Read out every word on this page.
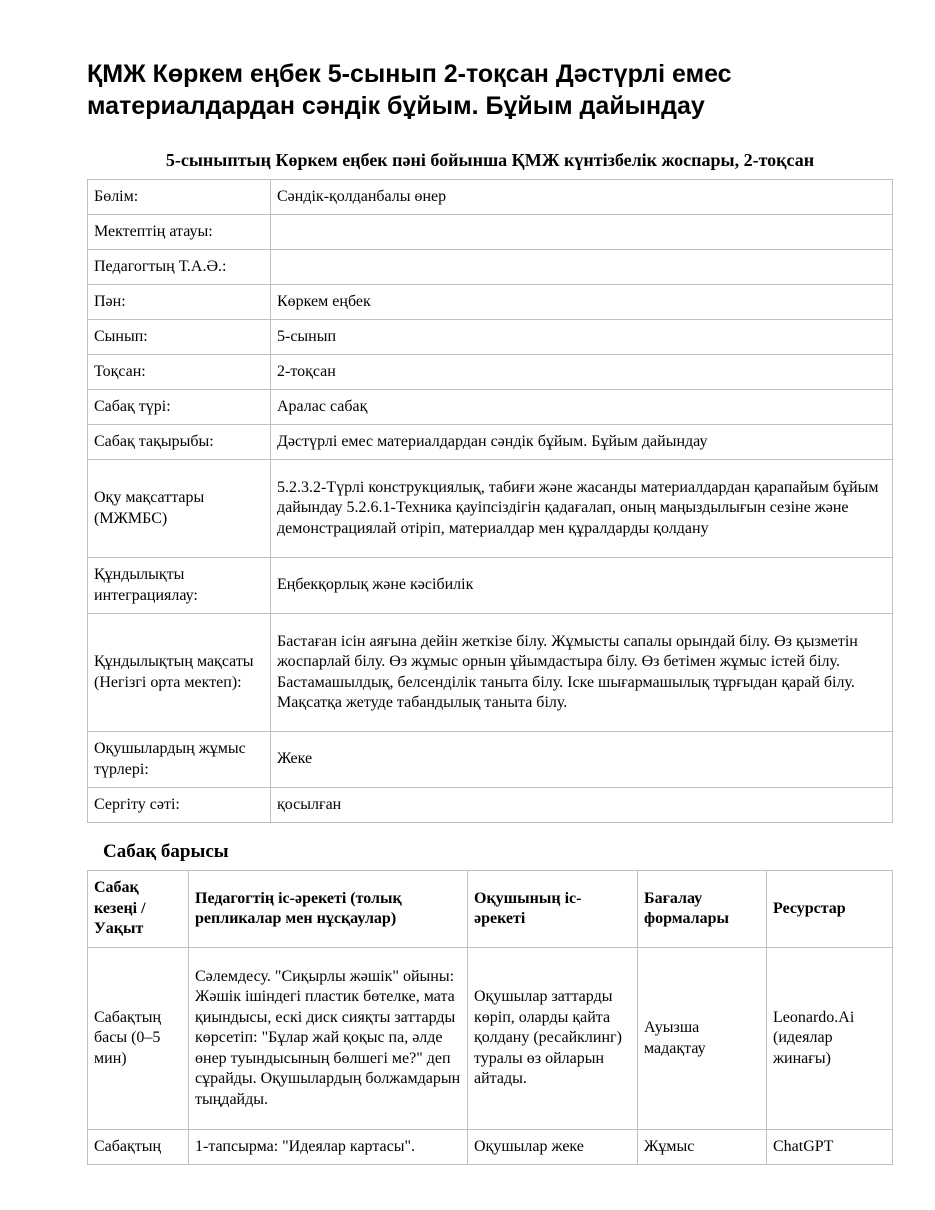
ҚМЖ Көркем еңбек 5-сынып 2-тоқсан Дәстүрлі емес материалдардан сәндік бұйым. Бұйым дайындау
5-сыныптың Көркем еңбек пәні бойынша ҚМЖ күнтізбелік жоспары, 2-тоқсан
Бөлім:	Сәндік-қолданбалы өнер
Мектептің атауы:	
Педагогтың Т.А.Ә.:	
Пән:	Көркем еңбек
Сынып:	5-сынып
Тоқсан:	2-тоқсан
Сабақ түрі:	Аралас сабақ
Сабақ тақырыбы:	Дәстүрлі емес материалдардан сәндік бұйым. Бұйым дайындау
Оқу мақсаттары (МЖМБС)	5.2.3.2-Түрлі конструкциялық, табиғи және жасанды материалдардан қарапайым бұйым дайындау 5.2.6.1-Техника қауіпсіздігін қадағалап, оның маңыздылығын сезіне және демонстрациялай отіріп, материалдар мен құралдарды қолдану
Құндылықты интеграциялау:	Еңбекқорлық және кәсібилік
Құндылықтың мақсаты (Негізгі орта мектеп):	Бастаған ісін аяғына дейін жеткізе білу. Жұмысты сапалы орындай білу. Өз қызметін жоспарлай білу. Өз жұмыс орнын ұйымдастыра білу. Өз бетімен жұмыс істей білу. Бастамашылдық, белсенділік таныта білу. Іске шығармашылық тұрғыдан қарай білу. Мақсатқа жетуде табандылық таныта білу.
Оқушылардың жұмыс түрлері:	Жеке
Сергіту сәті:	қосылған
Сабақ барысы
Сабақ кезеңі / Уақыт	Педагогтің іс-әрекеті (толық репликалар мен нұсқаулар)	Оқушының іс-әрекеті	Бағалау формалары	Ресурстар
Сабақтың басы (0–5 мин)	Сәлемдесу. "Сиқырлы жәшік" ойыны: Жәшік ішіндегі пластик бөтелке, мата қиындысы, ескі диск сияқты заттарды көрсетіп: "Бұлар жай қоқыс па, әлде өнер туындысының бөлшегі ме?" деп сұрайды. Оқушылардың болжамдарын тыңдайды.	Оқушылар заттарды көріп, оларды қайта қолдану (ресайклинг) туралы өз ойларын айтады.	Ауызша мадақтау	Leonardo.Ai (идеялар жинағы)
Сабақтың	1-тапсырма: "Идеялар картасы".	Оқушылар жеке	Жұмыс	ChatGPT
